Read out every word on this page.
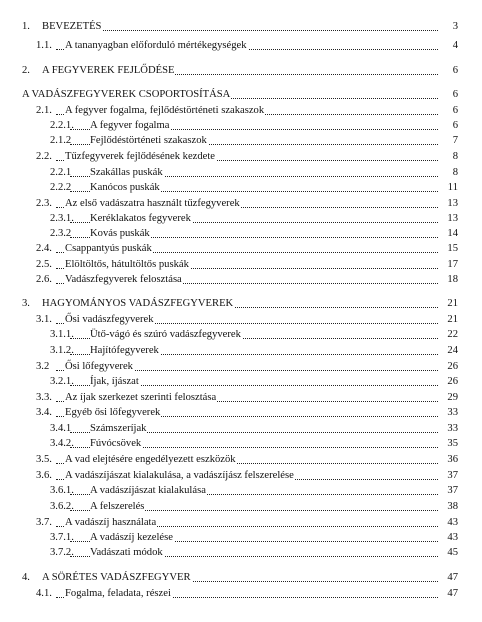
1. BEVEZETÉS	3
1.1. A tananyagban előforduló mértékegységek	4
2. A FEGYVEREK FEJLŐDÉSE	6
A VADÁSZFEGYVEREK CSOPORTOSÍTÁSA	6
2.1. A fegyver fogalma, fejlődéstörténeti szakaszok	6
2.2.1. A fegyver fogalma	6
2.1.2 Fejlődéstörténeti szakaszok	7
2.2. Tűzfegyverek fejlődésének kezdete	8
2.2.1 Szakállas puskák	8
2.2.2 Kanócos puskák	11
2.3. Az első vadászatra használt tűzfegyverek	13
2.3.1. Keréklakatos fegyverek	13
2.3.2 Kovás puskák	14
2.4. Csappantyús puskák	15
2.5. Elöltöltős, hátultöltős puskák	17
2.6. Vadászfegyverek felosztása	18
3. HAGYOMÁNYOS VADÁSZFEGYVEREK	21
3.1. Ősi vadászfegyverek	21
3.1.1. Ütő-vágó és szúró vadászfegyverek	22
3.1.2. Hajítófegyverek	24
3.2 Ősi lőfegyverek	26
3.2.1. Íjak, íjászat	26
3.3. Az íjak szerkezet szerinti felosztása	29
3.4. Egyéb ősi lőfegyverek	33
3.4.1 Számszeríjak	33
3.4.2. Fúvócsövek	35
3.5. A vad elejtésére engedélyezett eszközök	36
3.6. A vadászíjászat kialakulása, a vadászíjász felszerelése	37
3.6.1. A vadászíjászat kialakulása	37
3.6.2. A felszerelés	38
3.7. A vadászíj használata	43
3.7.1. A vadászíj kezelése	43
3.7.2. Vadászati módok	45
4. A SÖRÉTES VADÁSZFEGYVER	47
4.1. Fogalma, feladata, részei	47
